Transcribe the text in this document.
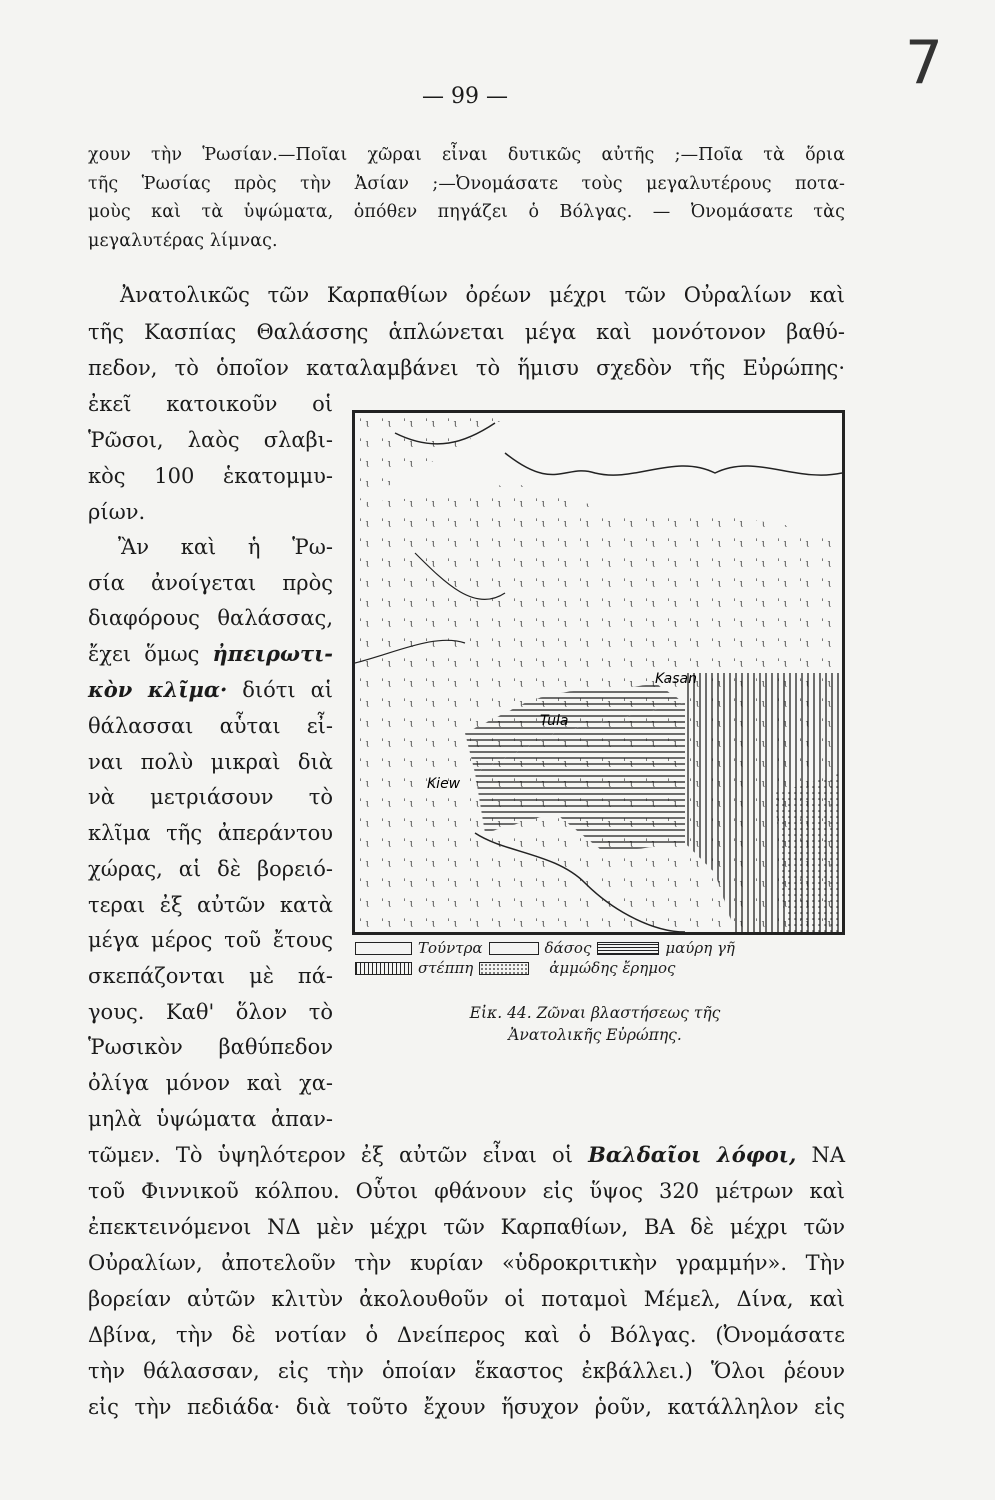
7
— 99 —
χουν τὴν Ῥωσίαν.—Ποῖαι χῶραι εἶναι δυτικῶς αὐτῆς ;—Ποῖα τὰ ὅρια
τῆς Ῥωσίας πρὸς τὴν Ἀσίαν ;—Ὀνομάσατε τοὺς μεγαλυτέρους ποτα-
μοὺς καὶ τὰ ὑψώματα, ὁπόθεν πηγάζει ὁ Βόλγας. — Ὀνομάσατε τὰς
μεγαλυτέρας λίμνας.
Ἀνατολικῶς τῶν Καρπαθίων ὀρέων μέχρι τῶν Οὐραλίων καὶ
τῆς Κασπίας Θαλάσσης ἁπλώνεται μέγα καὶ μονότονον βαθύ-
πεδον, τὸ ὁποῖον καταλαμβάνει τὸ ἥμισυ σχεδὸν τῆς Εὐρώπης·
ἐκεῖ κατοικοῦν οἱ
Ῥῶσοι, λαὸς σλαβι-
κὸς 100 ἑκατομμυ-
ρίων.
Ἂν καὶ ἡ Ῥω-
σία ἀνοίγεται πρὸς
διαφόρους θαλάσσας,
ἔχει ὅμως ἠπειρωτι-
κὸν κλῖμα· διότι αἱ
θάλασσαι αὗται εἶ-
ναι πολὺ μικραὶ διὰ
νὰ μετριάσουν τὸ
κλῖμα τῆς ἀπεράντου
χώρας, αἱ δὲ βορειό-
τεραι ἐξ αὐτῶν κατὰ
μέγα μέρος τοῦ ἔτους
σκεπάζονται μὲ πά-
γους. Καθ' ὅλον τὸ
Ῥωσικὸν βαθύπεδον
ὀλίγα μόνον καὶ χα-
μηλὰ ὑψώματα ἀπαν-
τῶμεν. Τὸ ὑψηλότερον ἐξ αὐτῶν εἶναι οἱ Βαλδαῖοι λόφοι, ΝΑ
τοῦ Φιννικοῦ κόλπου. Οὗτοι φθάνουν εἰς ὕψος 320 μέτρων καὶ
ἐπεκτεινόμενοι ΝΔ μὲν μέχρι τῶν Καρπαθίων, ΒΑ δὲ μέχρι τῶν
Οὐραλίων, ἀποτελοῦν τὴν κυρίαν «ὑδροκριτικὴν γραμμήν». Τὴν
βορείαν αὐτῶν κλιτὺν ἀκολουθοῦν οἱ ποταμοὶ Μέμελ, Δίνα, καὶ
Δβίνα, τὴν δὲ νοτίαν ὁ Δνείπερος καὶ ὁ Βόλγας. (Ὀνομάσατε
τὴν θάλασσαν, εἰς τὴν ὁποίαν ἕκαστος ἐκβάλλει.) Ὅλοι ῥέουν
εἰς τὴν πεδιάδα· διὰ τοῦτο ἔχουν ἥσυχον ῥοῦν, κατάλληλον εἰς
Kasan
Tula
Kiew
Τούντρα	δάσος	μαύρη γῆ
στέππη	ἀμμώδης ἔρημος
Εἰκ. 44. Ζῶναι βλαστήσεως τῆς
Ἀνατολικῆς Εὐρώπης.
